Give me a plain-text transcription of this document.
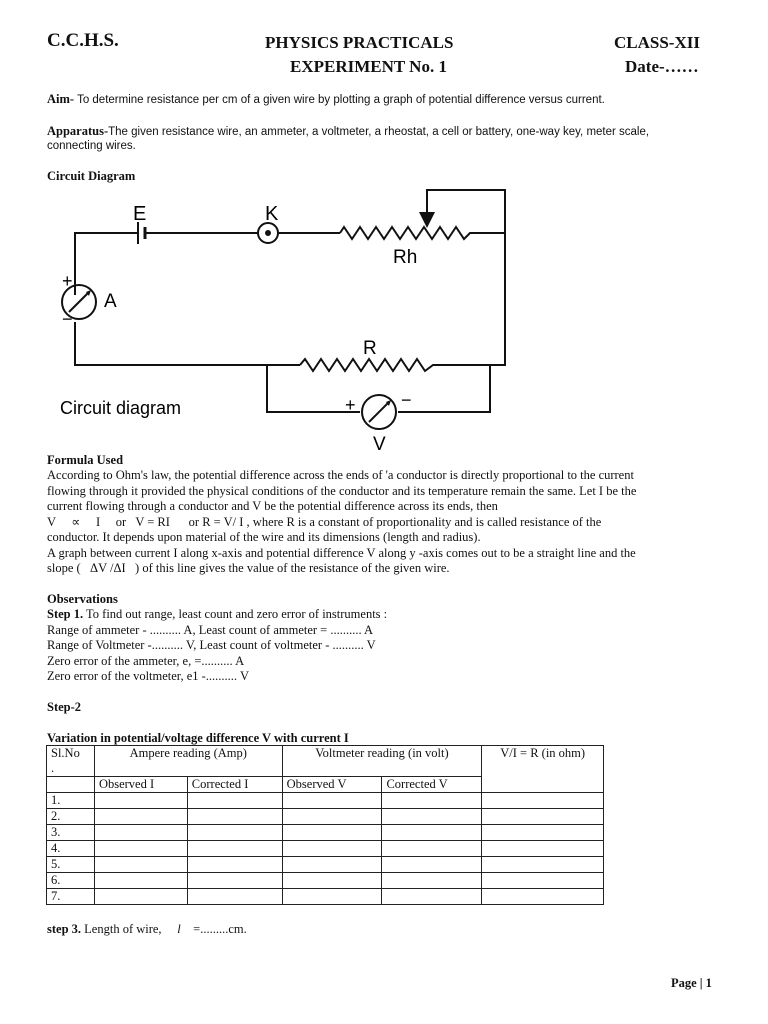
C.C.H.S.	PHYSICS PRACTICALS
EXPERIMENT No. 1
CLASS-XII
Date-……
Aim- To determine resistance per cm of a given wire by plotting a graph of potential difference versus current.
Apparatus-The given resistance wire, an ammeter, a voltmeter, a rheostat, a cell or battery, one-way key, meter scale,
connecting wires.
Circuit Diagram
E	K
Rh
A
R
V
+
−
+	−
Circuit diagram
Formula Used
According to Ohm's law, the potential difference across the ends of 'a conductor is directly proportional to the current
flowing through it provided the physical conditions of the conductor and its temperature remain the same. Let I be the
current flowing through a conductor and V be the potential difference across its ends, then
V     ∝     I     or   V = RI      or R = V/ I , where R is a constant of proportionality and is called resistance of the
conductor. It depends upon material of the wire and its dimensions (length and radius).
A graph between current I along x-axis and potential difference V along y -axis comes out to be a straight line and the
slope (   ΔV /ΔI   ) of this line gives the value of the resistance of the given wire.
Observations
Step 1. To find out range, least count and zero error of instruments :
Range of ammeter - .......... A, Least count of ammeter = .......... A
Range of Voltmeter -.......... V, Least count of voltmeter - .......... V
Zero error of the ammeter, e, =.......... A
Zero error of the voltmeter, e1 -.......... V
Step-2
Variation in potential/voltage difference V with current I
Sl.No
.	Ampere reading (Amp)		Voltmeter reading (in volt)		V/I = R (in ohm)
	Observed I	Corrected I	Observed V	Corrected V	
1.					
2.					
3.					
4.					
5.					
6.					
7.					
step 3. Length of wire,     l    =.........cm.
Page | 1
